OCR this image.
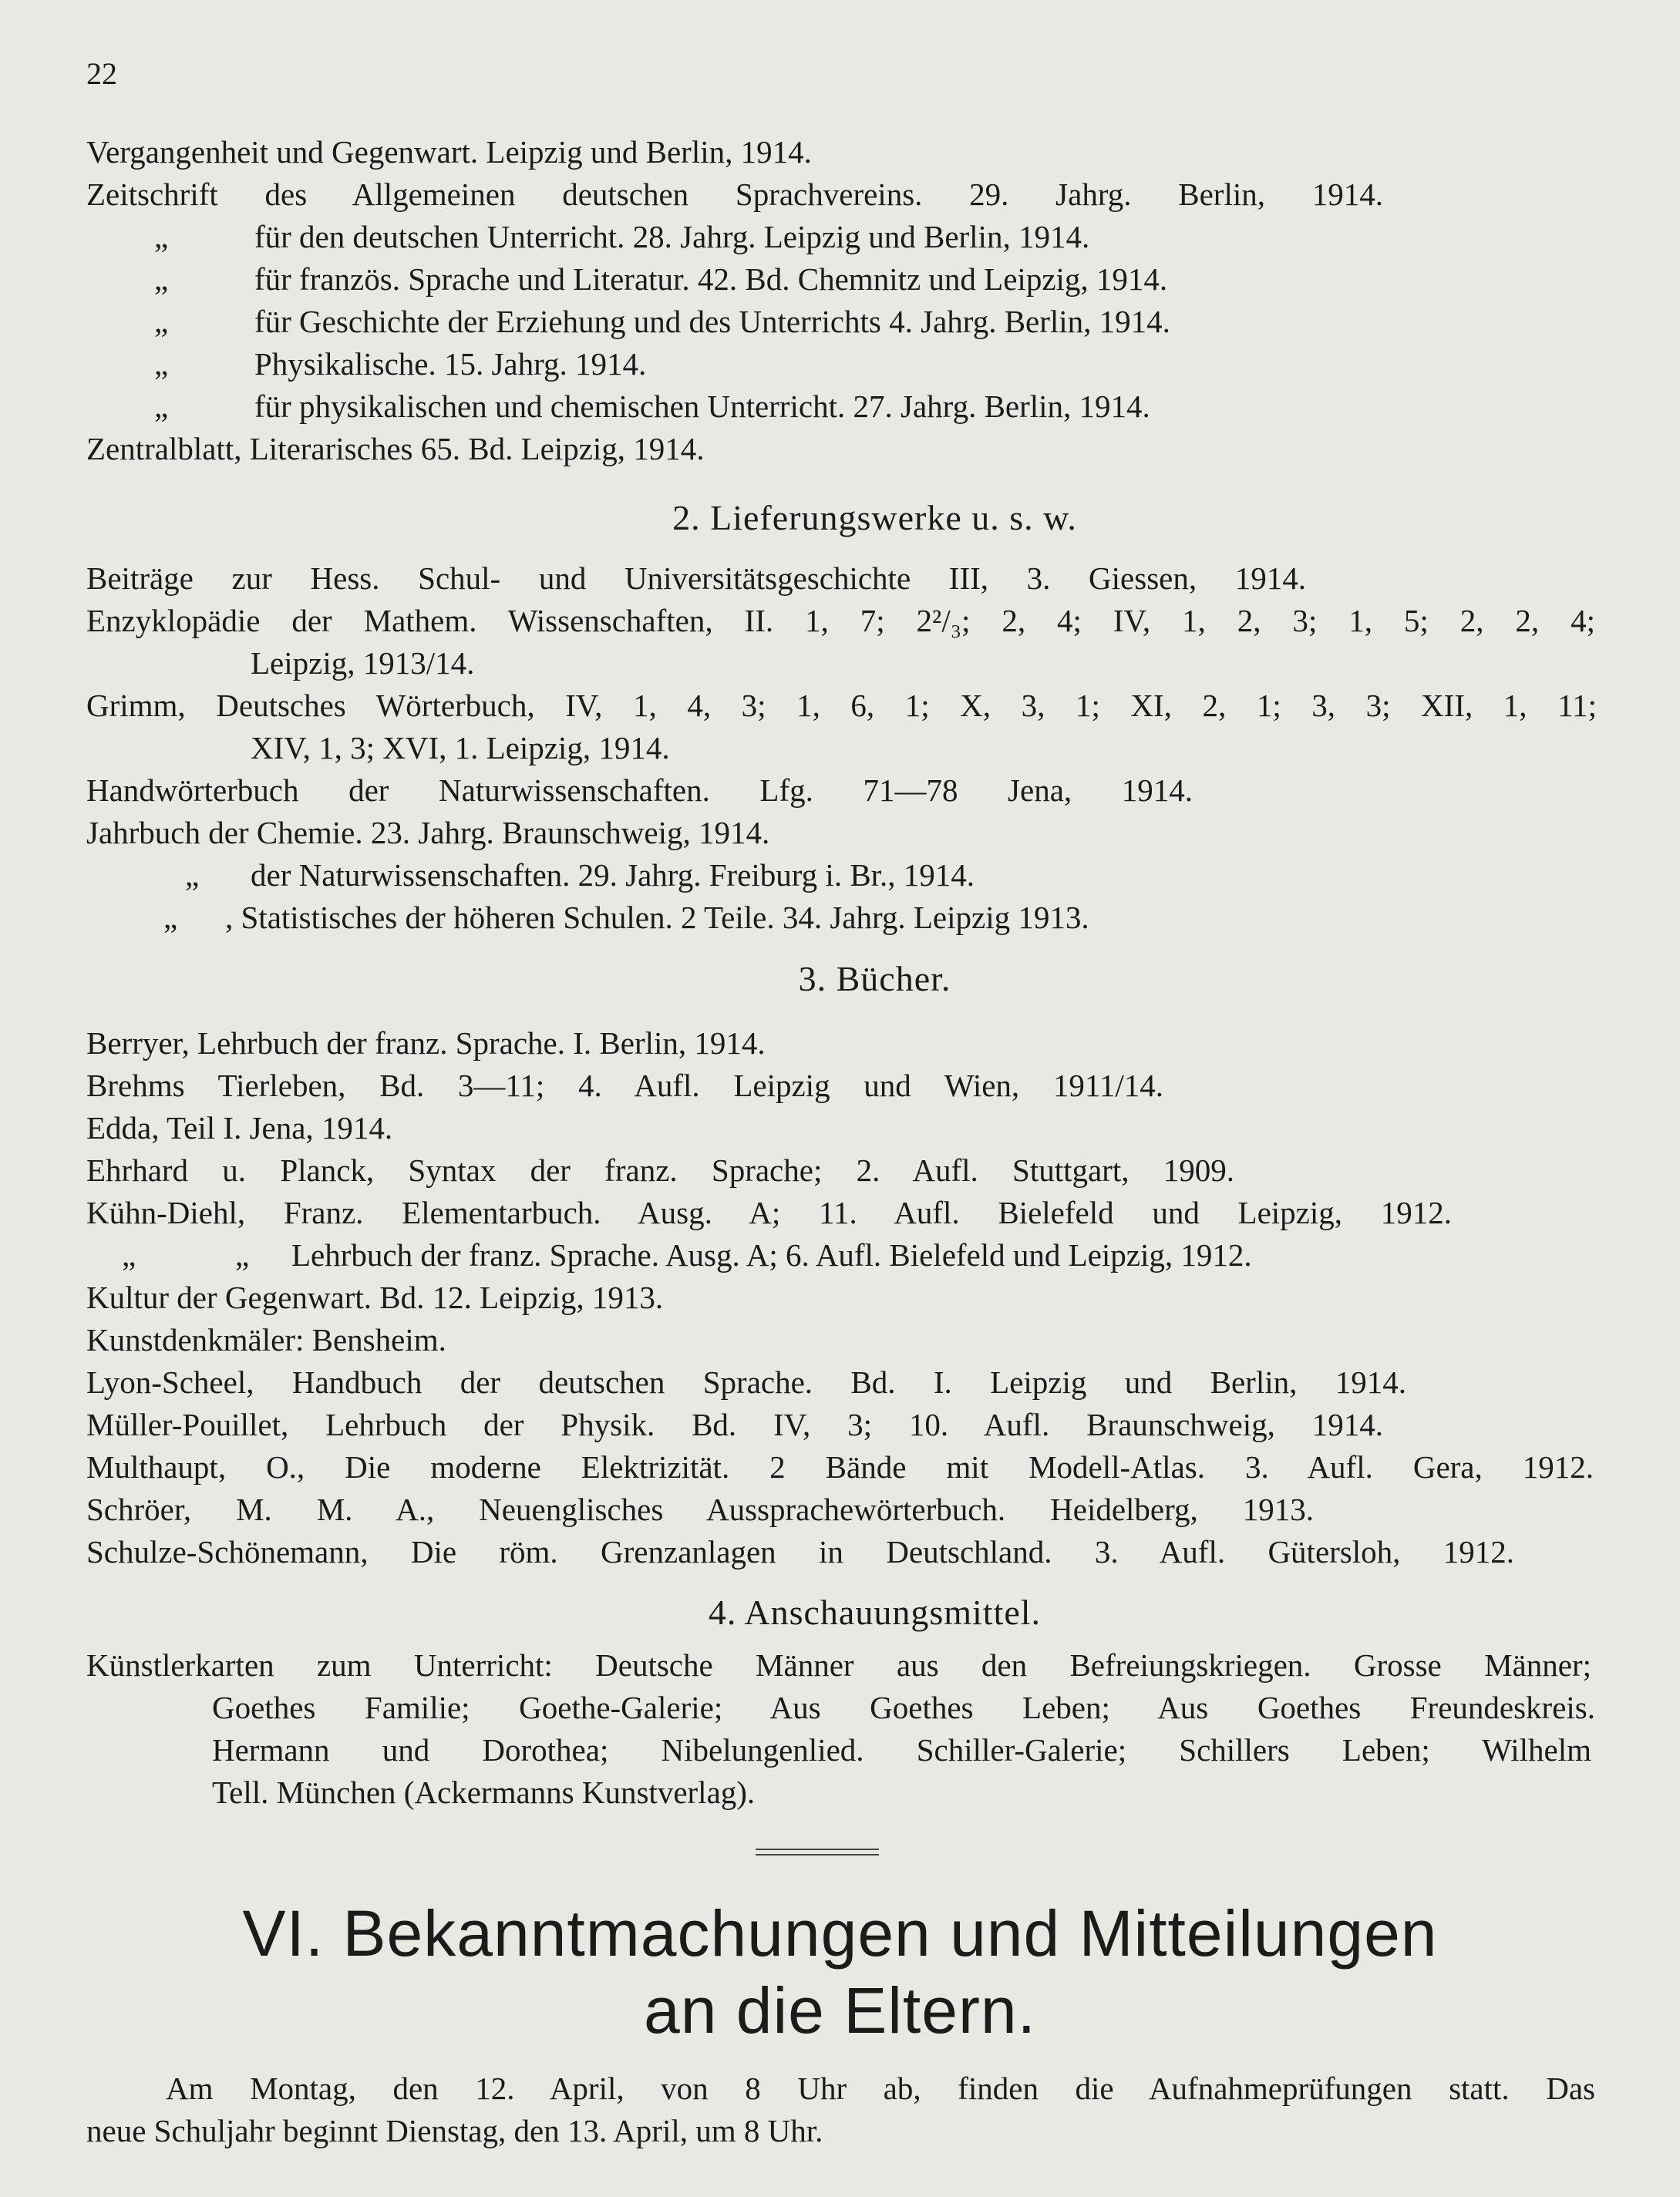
22
Vergangenheit und Gegenwart. Leipzig und Berlin, 1914.
Zeitschrift des Allgemeinen deutschen Sprachvereins. 29. Jahrg. Berlin, 1914.
„	für den deutschen Unterricht. 28. Jahrg. Leipzig und Berlin, 1914.
„	für französ. Sprache und Literatur. 42. Bd. Chemnitz und Leipzig, 1914.
„	für Geschichte der Erziehung und des Unterrichts 4. Jahrg. Berlin, 1914.
„	Physikalische. 15. Jahrg. 1914.
„	für physikalischen und chemischen Unterricht. 27. Jahrg. Berlin, 1914.
Zentralblatt, Literarisches 65. Bd. Leipzig, 1914.
2. Lieferungswerke u. s. w.
Beiträge zur Hess. Schul- und Universitätsgeschichte III, 3. Giessen, 1914.
Enzyklopädie der Mathem. Wissenschaften, II. 1, 7; 2²/₃; 2, 4; IV, 1, 2, 3; 1, 5; 2, 2, 4;
Leipzig, 1913/14.
Grimm, Deutsches Wörterbuch, IV, 1, 4, 3; 1, 6, 1; X, 3, 1; XI, 2, 1; 3, 3; XII, 1, 11;
XIV, 1, 3; XVI, 1. Leipzig, 1914.
Handwörterbuch der Naturwissenschaften. Lfg. 71—78 Jena, 1914.
Jahrbuch der Chemie. 23. Jahrg. Braunschweig, 1914.
„ der Naturwissenschaften. 29. Jahrg. Freiburg i. Br., 1914.
„ , Statistisches der höheren Schulen. 2 Teile. 34. Jahrg. Leipzig 1913.
3. Bücher.
Berryer, Lehrbuch der franz. Sprache. I. Berlin, 1914.
Brehms Tierleben, Bd. 3—11; 4. Aufl. Leipzig und Wien, 1911/14.
Edda, Teil I. Jena, 1914.
Ehrhard u. Planck, Syntax der franz. Sprache; 2. Aufl. Stuttgart, 1909.
Kühn-Diehl, Franz. Elementarbuch. Ausg. A; 11. Aufl. Bielefeld und Leipzig, 1912.
„	„ Lehrbuch der franz. Sprache. Ausg. A; 6. Aufl. Bielefeld und Leipzig, 1912.
Kultur der Gegenwart. Bd. 12. Leipzig, 1913.
Kunstdenkmäler: Bensheim.
Lyon-Scheel, Handbuch der deutschen Sprache. Bd. I. Leipzig und Berlin, 1914.
Müller-Pouillet, Lehrbuch der Physik. Bd. IV, 3; 10. Aufl. Braunschweig, 1914.
Multhaupt, O., Die moderne Elektrizität. 2 Bände mit Modell-Atlas. 3. Aufl. Gera, 1912.
Schröer, M. M. A., Neuenglisches Aussprachewörterbuch. Heidelberg, 1913.
Schulze-Schönemann, Die röm. Grenzanlagen in Deutschland. 3. Aufl. Gütersloh, 1912.
4. Anschauungsmittel.
Künstlerkarten zum Unterricht: Deutsche Männer aus den Befreiungskriegen. Grosse Männer;
Goethes Familie; Goethe-Galerie; Aus Goethes Leben; Aus Goethes Freundeskreis.
Hermann und Dorothea; Nibelungenlied. Schiller-Galerie; Schillers Leben; Wilhelm
Tell. München (Ackermanns Kunstverlag).
VI. Bekanntmachungen und Mitteilungen
an die Eltern.
Am Montag, den 12. April, von 8 Uhr ab, finden die Aufnahmeprüfungen statt. Das
neue Schuljahr beginnt Dienstag, den 13. April, um 8 Uhr.
